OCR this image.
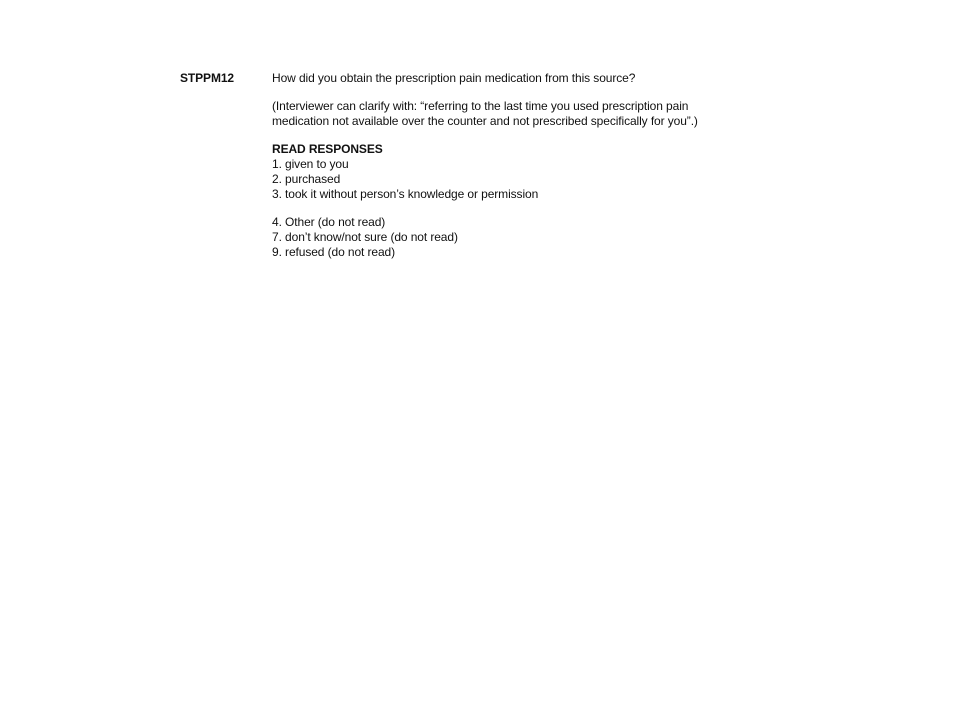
STPPM12	How did you obtain the prescription pain medication from this source?

(Interviewer can clarify with: “referring to the last time you used prescription pain
medication not available over the counter and not prescribed specifically for you”.)

READ RESPONSES

1. given to you
2. purchased
3. took it without person’s knowledge or permission
4. Other (do not read)
7. don’t know/not sure (do not read)
9. refused (do not read)
